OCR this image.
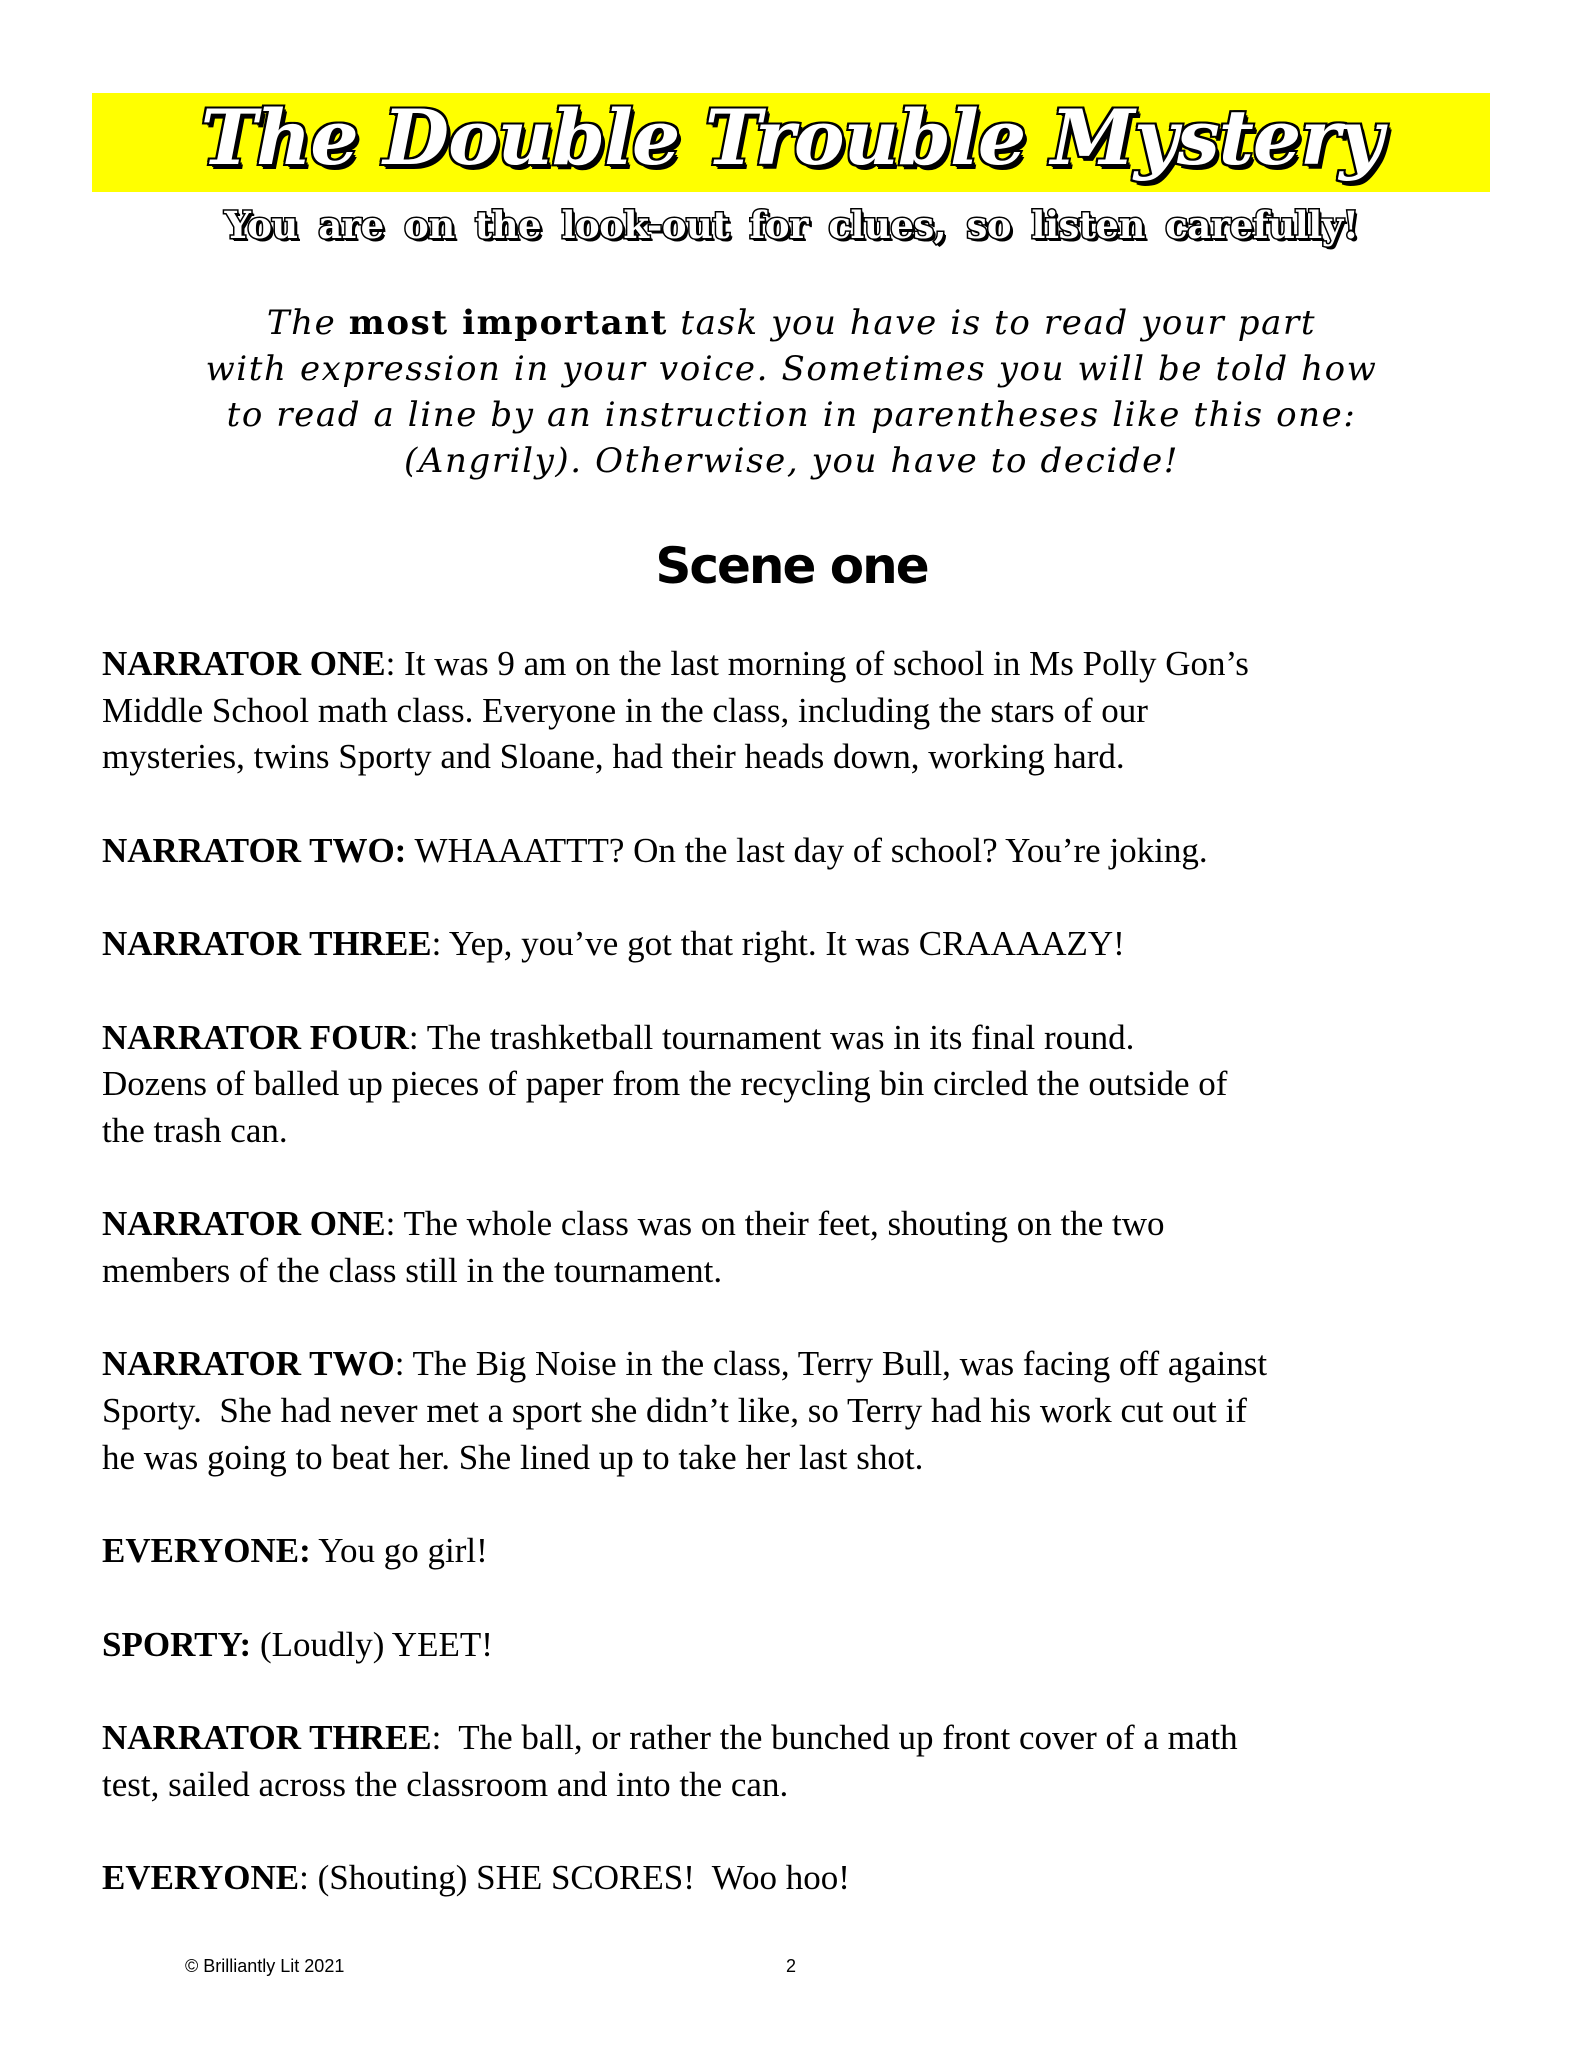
The Double Trouble Mystery
You are on the look-out for clues, so listen carefully!
The most important task you have is to read your part
with expression in your voice. Sometimes you will be told how
to read a line by an instruction in parentheses like this one:
(Angrily). Otherwise, you have to decide!
Scene one
NARRATOR ONE: It was 9 am on the last morning of school in Ms Polly Gon’s
Middle School math class. Everyone in the class, including the stars of our
mysteries, twins Sporty and Sloane, had their heads down, working hard.
NARRATOR TWO: WHAAATTT? On the last day of school? You’re joking.
NARRATOR THREE: Yep, you’ve got that right. It was CRAAAAZY!
NARRATOR FOUR: The trashketball tournament was in its final round.
Dozens of balled up pieces of paper from the recycling bin circled the outside of
the trash can.
NARRATOR ONE: The whole class was on their feet, shouting on the two
members of the class still in the tournament.
NARRATOR TWO: The Big Noise in the class, Terry Bull, was facing off against
Sporty.  She had never met a sport she didn’t like, so Terry had his work cut out if
he was going to beat her. She lined up to take her last shot.
EVERYONE: You go girl!
SPORTY: (Loudly) YEET!
NARRATOR THREE:  The ball, or rather the bunched up front cover of a math
test, sailed across the classroom and into the can.
EVERYONE: (Shouting) SHE SCORES!  Woo hoo!
© Brilliantly Lit 2021	2
